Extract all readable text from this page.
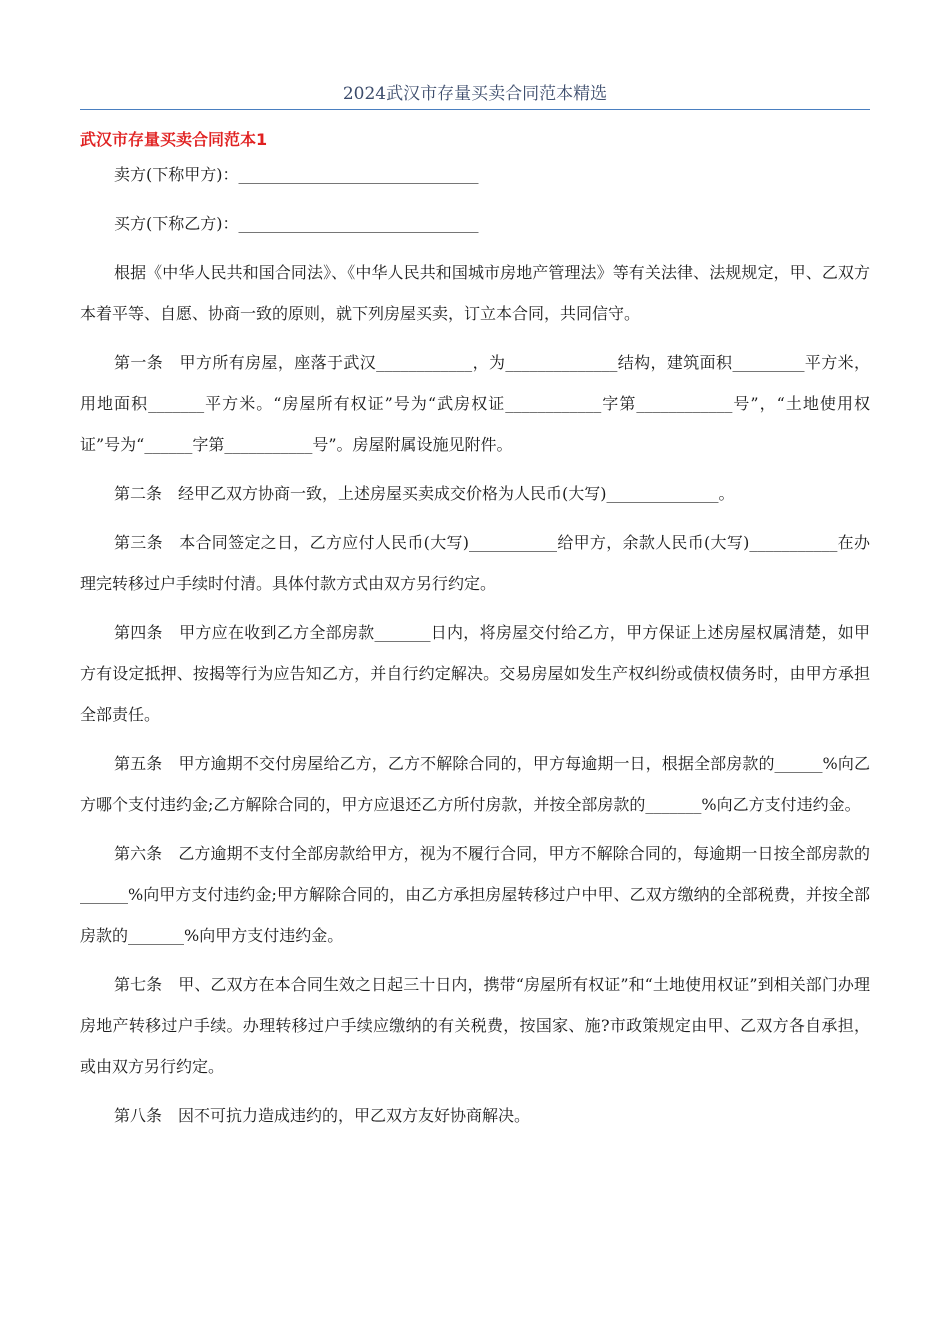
2024武汉市存量买卖合同范本精选
武汉市存量买卖合同范本1

卖方(下称甲方)：______________________________

买方(下称乙方)：______________________________

根据《中华人民共和国合同法》、《中华人民共和国城市房地产管理法》等有关法律、法规规定，甲、乙双方本着平等、自愿、协商一致的原则，就下列房屋买卖，订立本合同，共同信守。

第一条　甲方所有房屋，座落于武汉____________，为______________结构，建筑面积_________平方米，用地面积_______平方米。“房屋所有权证”号为“武房权证____________字第____________号”，“土地使用权证”号为“______字第___________号”。房屋附属设施见附件。

第二条　经甲乙双方协商一致，上述房屋买卖成交价格为人民币(大写)______________。

第三条　本合同签定之日，乙方应付人民币(大写)___________给甲方，余款人民币(大写)___________在办理完转移过户手续时付清。具体付款方式由双方另行约定。

第四条　甲方应在收到乙方全部房款_______日内，将房屋交付给乙方，甲方保证上述房屋权属清楚，如甲方有设定抵押、按揭等行为应告知乙方，并自行约定解决。交易房屋如发生产权纠纷或债权债务时，由甲方承担全部责任。

第五条　甲方逾期不交付房屋给乙方，乙方不解除合同的，甲方每逾期一日，根据全部房款的______%向乙方哪个支付违约金;乙方解除合同的，甲方应退还乙方所付房款，并按全部房款的_______%向乙方支付违约金。

第六条　乙方逾期不支付全部房款给甲方，视为不履行合同，甲方不解除合同的，每逾期一日按全部房款的______%向甲方支付违约金;甲方解除合同的，由乙方承担房屋转移过户中甲、乙双方缴纳的全部税费，并按全部房款的_______%向甲方支付违约金。

第七条　甲、乙双方在本合同生效之日起三十日内，携带“房屋所有权证”和“土地使用权证”到相关部门办理房地产转移过户手续。办理转移过户手续应缴纳的有关税费，按国家、施?市政策规定由甲、乙双方各自承担，或由双方另行约定。

第八条　因不可抗力造成违约的，甲乙双方友好协商解决。
